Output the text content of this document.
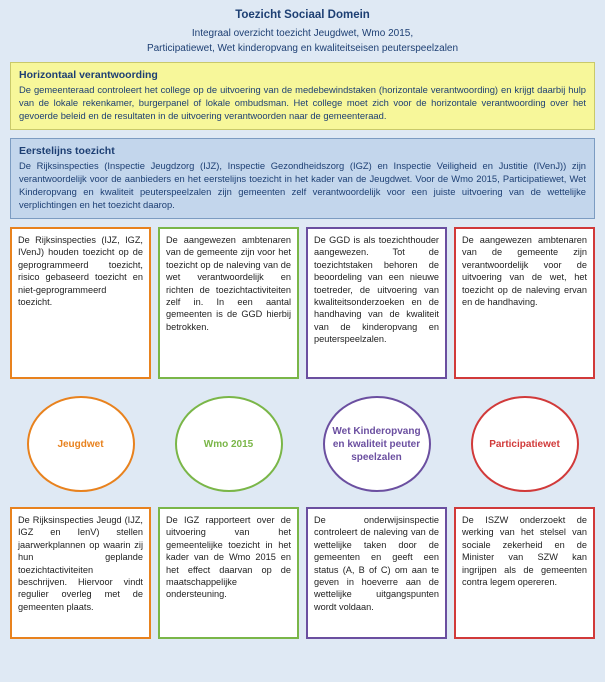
Toezicht Sociaal Domein
Integraal overzicht toezicht Jeugdwet, Wmo 2015,
Participatiewet, Wet kinderopvang en kwaliteitseisen peuterspeelzalen
Horizontaal verantwoording
De gemeenteraad controleert het college op de uitvoering van de medebewindstaken (horizontale verantwoording) en krijgt daarbij hulp van de lokale rekenkamer, burgerpanel of lokale ombudsman. Het college moet zich voor de horizontale verantwoording over het gevoerde beleid en de resultaten in de uitvoering verantwoorden naar de gemeenteraad.
Eerstelijns toezicht
De Rijksinspecties (Inspectie Jeugdzorg (IJZ), Inspectie Gezondheidszorg (IGZ) en Inspectie Veiligheid en Justitie (IVenJ)) zijn verantwoordelijk voor de aanbieders en het eerstelijns toezicht in het kader van de Jeugdwet. Voor de Wmo 2015, Participatiewet, Wet Kinderopvang en kwaliteit peuterspeelzalen zijn gemeenten zelf verantwoordelijk voor een juiste uitvoering van de wettelijke verplichtingen en het toezicht daarop.
De Rijksinspecties (IJZ, IGZ, IVenJ) houden toezicht op de geprogrammeerd toezicht, risico gebaseerd toezicht en niet-geprogrammeerd toezicht.
De aangewezen ambtenaren van de gemeente zijn voor het toezicht op de naleving van de wet verantwoordelijk en richten de toezichtactiviteiten zelf in. In een aantal gemeenten is de GGD hierbij betrokken.
De GGD is als toezichthouder aangewezen. Tot de toezichtstaken behoren de beoordeling van een nieuwe toetreder, de uitvoering van kwaliteitsonderzoeken en de handhaving van de kwaliteit van de kinderopvang en peuterspeelzalen.
De aangewezen ambtenaren van de gemeente zijn verantwoordelijk voor de uitvoering van de wet, het toezicht op de naleving ervan en de handhaving.
Jeugdwet	Wmo 2015
Wet Kinderopvang en kwaliteit peuter speelzalen
Participatiewet
De Rijksinspecties Jeugd (IJZ, IGZ en IenV) stellen jaarwerkplannen op waarin zij hun geplande toezichtactiviteiten beschrijven. Hiervoor vindt regulier overleg met de gemeenten plaats.
De IGZ rapporteert over de uitvoering van het gemeentelijke toezicht in het kader van de Wmo 2015 en het effect daarvan op de maatschappelijke ondersteuning.
De onderwijsinspectie controleert de naleving van de wettelijke taken door de gemeenten en geeft een status (A, B of C) om aan te geven in hoeverre aan de wettelijke uitgangspunten wordt voldaan.
De ISZW onderzoekt de werking van het stelsel van sociale zekerheid en de Minister van SZW kan ingrijpen als de gemeenten contra legem opereren.
